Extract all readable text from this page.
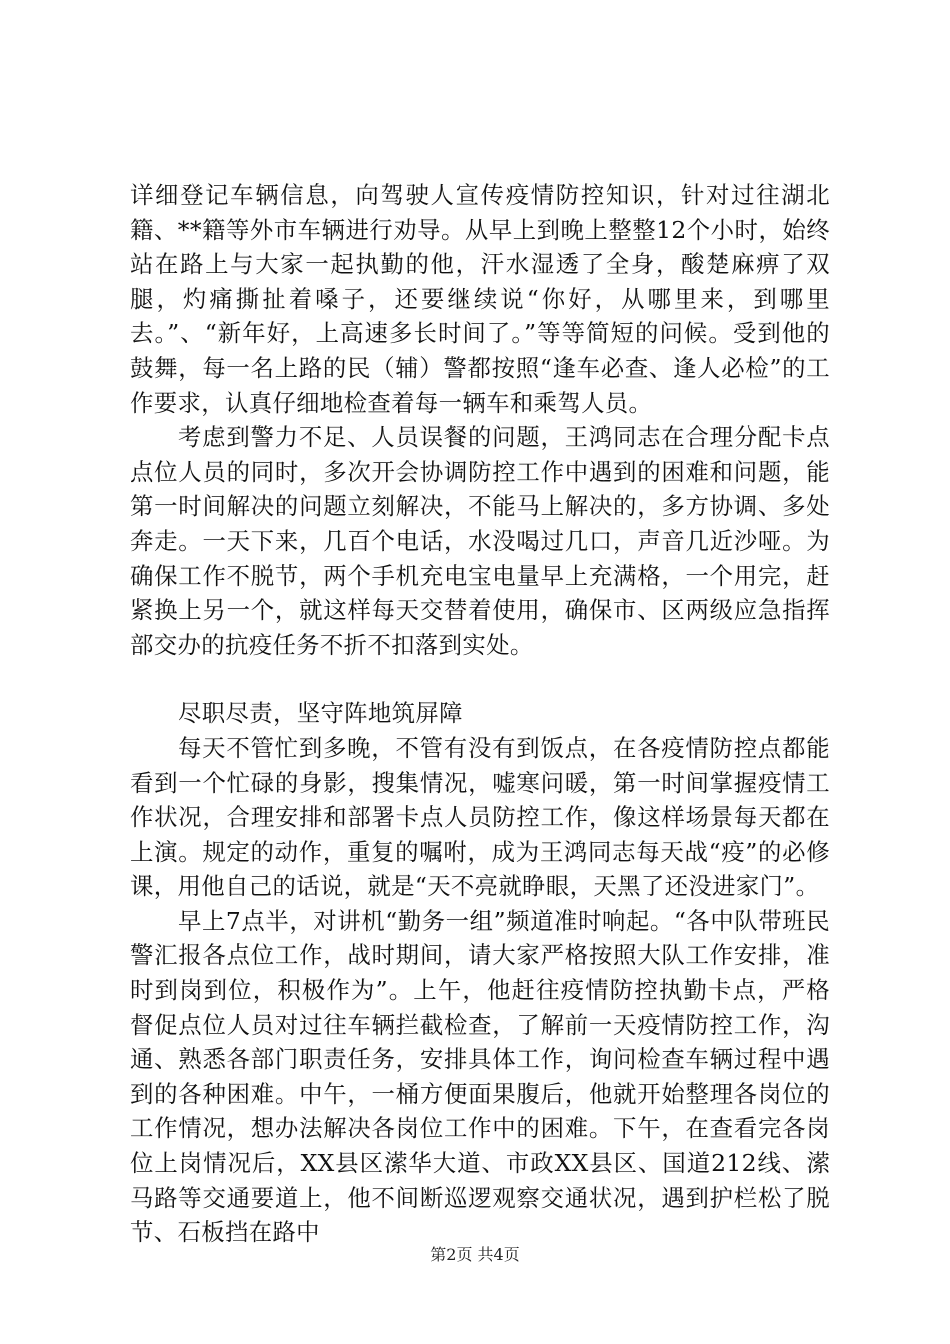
详细登记车辆信息，向驾驶人宣传疫情防控知识，针对过往湖北籍、**籍等外市车辆进行劝导。从早上到晚上整整12个小时，始终站在路上与大家一起执勤的他，汗水湿透了全身，酸楚麻痹了双腿，灼痛撕扯着嗓子，还要继续说“你好，从哪里来，到哪里去。”、“新年好，上高速多长时间了。”等等简短的问候。受到他的鼓舞，每一名上路的民（辅）警都按照“逢车必查、逢人必检”的工作要求，认真仔细地检查着每一辆车和乘驾人员。

考虑到警力不足、人员误餐的问题，王鸿同志在合理分配卡点点位人员的同时，多次开会协调防控工作中遇到的困难和问题，能第一时间解决的问题立刻解决，不能马上解决的，多方协调、多处奔走。一天下来，几百个电话，水没喝过几口，声音几近沙哑。为确保工作不脱节，两个手机充电宝电量早上充满格，一个用完，赶紧换上另一个，就这样每天交替着使用，确保市、区两级应急指挥部交办的抗疫任务不折不扣落到实处。

尽职尽责，坚守阵地筑屏障

每天不管忙到多晚，不管有没有到饭点，在各疫情防控点都能看到一个忙碌的身影，搜集情况，嘘寒问暖，第一时间掌握疫情工作状况，合理安排和部署卡点人员防控工作，像这样场景每天都在上演。规定的动作，重复的嘱咐，成为王鸿同志每天战“疫”的必修课，用他自己的话说，就是“天不亮就睁眼，天黑了还没进家门”。

早上7点半，对讲机“勤务一组”频道准时响起。“各中队带班民警汇报各点位工作，战时期间，请大家严格按照大队工作安排，准时到岗到位，积极作为”。上午，他赶往疫情防控执勤卡点，严格督促点位人员对过往车辆拦截检查，了解前一天疫情防控工作，沟通、熟悉各部门职责任务，安排具体工作，询问检查车辆过程中遇到的各种困难。中午，一桶方便面果腹后，他就开始整理各岗位的工作情况，想办法解决各岗位工作中的困难。下午，在查看完各岗位上岗情况后，XX县区潆华大道、市政XX县区、国道212线、潆马路等交通要道上，他不间断巡逻观察交通状况，遇到护栏松了脱节、石板挡在路中

第2页 共4页
